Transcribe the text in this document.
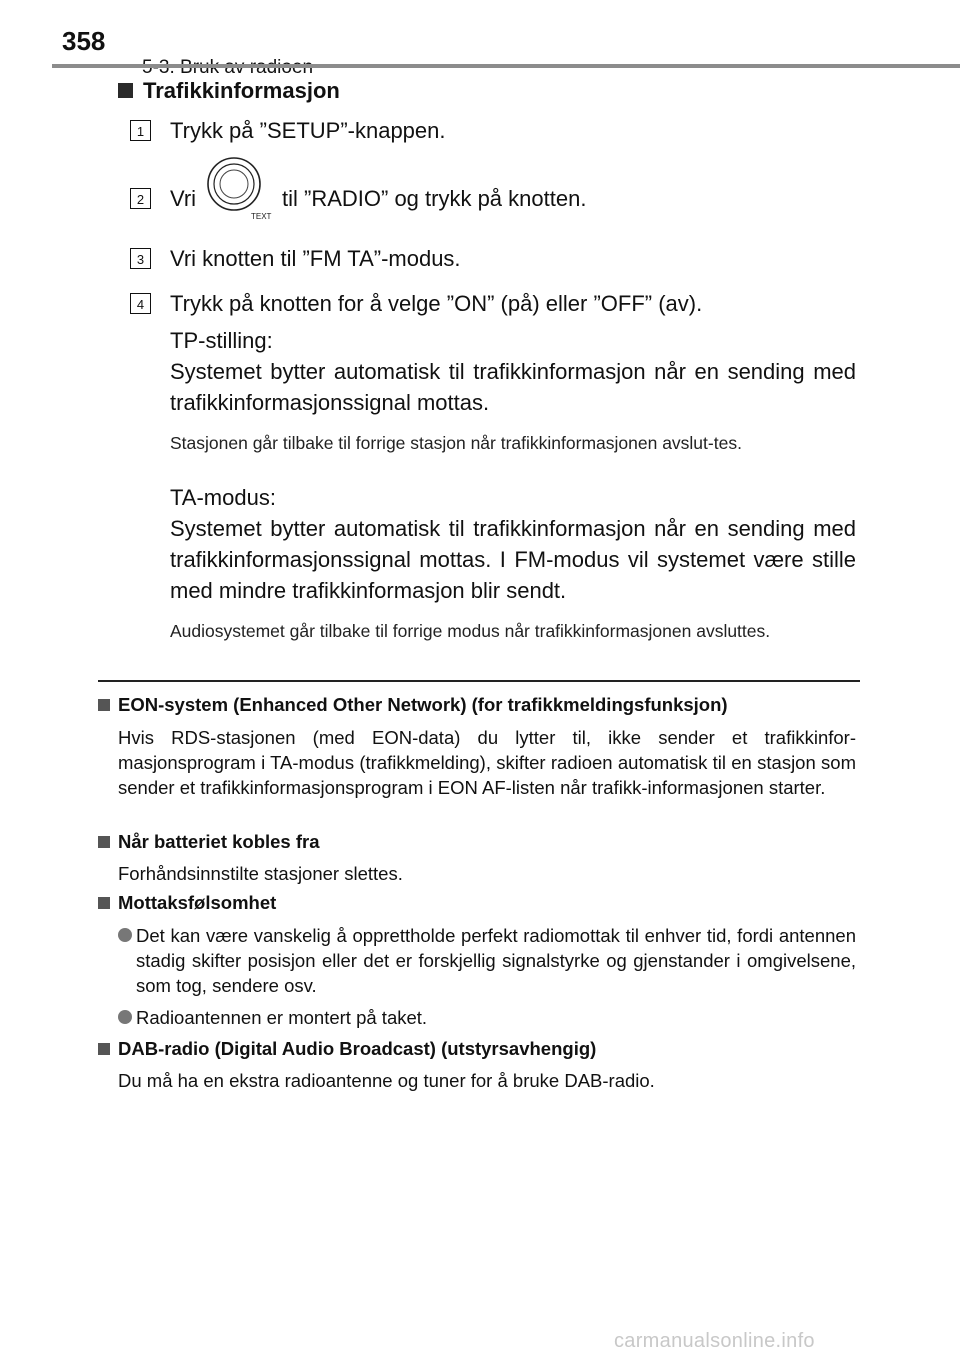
358
Trafikkinformasjon
1	Trykk på ”SETUP”-knappen.
2	Vri
TEXT
til ”RADIO” og trykk på knotten.
3	Vri knotten til ”FM TA”-modus.
4	Trykk på knotten for å velge ”ON” (på) eller ”OFF” (av).
TP-stilling:
Systemet bytter automatisk til trafikkinformasjon når en sending med trafikkinformasjonssignal mottas.
Stasjonen går tilbake til forrige stasjon når trafikkinformasjonen avslut-tes.
TA-modus:
Systemet bytter automatisk til trafikkinformasjon når en sending med trafikkinformasjonssignal mottas. I FM-modus vil systemet være stille med mindre trafikkinformasjon blir sendt.
Audiosystemet går tilbake til forrige modus når trafikkinformasjonen avsluttes.
EON-system (Enhanced Other Network) (for trafikkmeldingsfunksjon)
Hvis RDS-stasjonen (med EON-data) du lytter til, ikke sender et trafikkinfor-masjonsprogram i TA-modus (trafikkmelding), skifter radioen automatisk til en stasjon som sender et trafikkinformasjonsprogram i EON AF-listen når trafikk-informasjonen starter.
Når batteriet kobles fra
Forhåndsinnstilte stasjoner slettes.
Mottaksfølsomhet
Det kan være vanskelig å opprettholde perfekt radiomottak til enhver tid, fordi antennen stadig skifter posisjon eller det er forskjellig signalstyrke og gjenstander i omgivelsene, som tog, sendere osv.
Radioantennen er montert på taket.
DAB-radio (Digital Audio Broadcast) (utstyrsavhengig)
Du må ha en ekstra radioantenne og tuner for å bruke DAB-radio.
carmanualsonline.info
